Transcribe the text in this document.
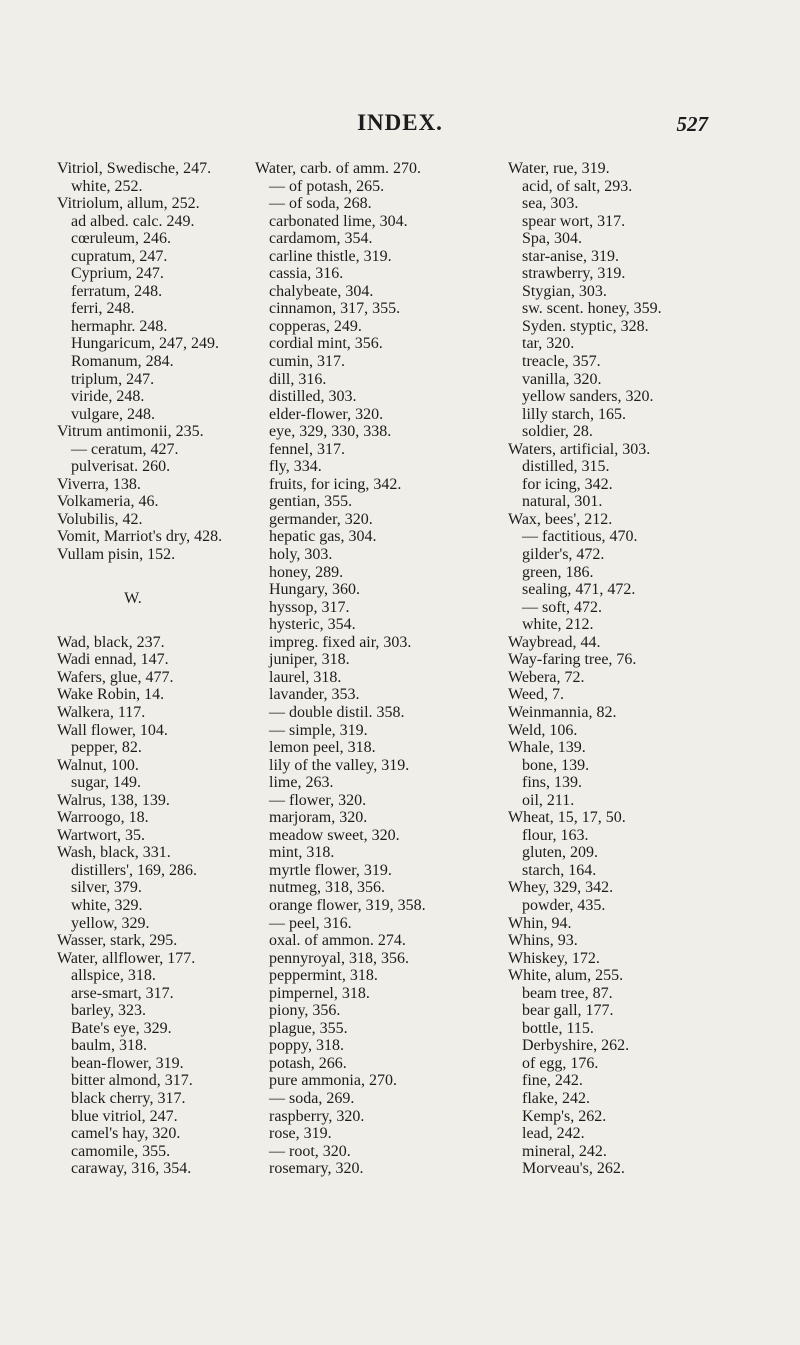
INDEX.	527
Vitriol, Swedische, 247.
white, 252.
Vitriolum, allum, 252.
ad albed. calc. 249.
cœruleum, 246.
cupratum, 247.
Cyprium, 247.
ferratum, 248.
ferri, 248.
hermaphr. 248.
Hungaricum, 247, 249.
Romanum, 284.
triplum, 247.
viride, 248.
vulgare, 248.
Vitrum antimonii, 235.
— ceratum, 427.
pulverisat. 260.
Viverra, 138.
Volkameria, 46.
Volubilis, 42.
Vomit, Marriot's dry, 428.
Vullam pisin, 152.
W.
Wad, black, 237.
Wadi ennad, 147.
Wafers, glue, 477.
Wake Robin, 14.
Walkera, 117.
Wall flower, 104.
pepper, 82.
Walnut, 100.
sugar, 149.
Walrus, 138, 139.
Warroogo, 18.
Wartwort, 35.
Wash, black, 331.
distillers', 169, 286.
silver, 379.
white, 329.
yellow, 329.
Wasser, stark, 295.
Water, allflower, 177.
allspice, 318.
arse-smart, 317.
barley, 323.
Bate's eye, 329.
baulm, 318.
bean-flower, 319.
bitter almond, 317.
black cherry, 317.
blue vitriol, 247.
camel's hay, 320.
camomile, 355.
caraway, 316, 354.
Water, carb. of amm. 270.
— of potash, 265.
— of soda, 268.
carbonated lime, 304.
cardamom, 354.
carline thistle, 319.
cassia, 316.
chalybeate, 304.
cinnamon, 317, 355.
copperas, 249.
cordial mint, 356.
cumin, 317.
dill, 316.
distilled, 303.
elder-flower, 320.
eye, 329, 330, 338.
fennel, 317.
fly, 334.
fruits, for icing, 342.
gentian, 355.
germander, 320.
hepatic gas, 304.
holy, 303.
honey, 289.
Hungary, 360.
hyssop, 317.
hysteric, 354.
impreg. fixed air, 303.
juniper, 318.
laurel, 318.
lavander, 353.
— double distil. 358.
— simple, 319.
lemon peel, 318.
lily of the valley, 319.
lime, 263.
— flower, 320.
marjoram, 320.
meadow sweet, 320.
mint, 318.
myrtle flower, 319.
nutmeg, 318, 356.
orange flower, 319, 358.
— peel, 316.
oxal. of ammon. 274.
pennyroyal, 318, 356.
peppermint, 318.
pimpernel, 318.
piony, 356.
plague, 355.
poppy, 318.
potash, 266.
pure ammonia, 270.
— soda, 269.
raspberry, 320.
rose, 319.
— root, 320.
rosemary, 320.
Water, rue, 319.
acid, of salt, 293.
sea, 303.
spear wort, 317.
Spa, 304.
star-anise, 319.
strawberry, 319.
Stygian, 303.
sw. scent. honey, 359.
Syden. styptic, 328.
tar, 320.
treacle, 357.
vanilla, 320.
yellow sanders, 320.
lilly starch, 165.
soldier, 28.
Waters, artificial, 303.
distilled, 315.
for icing, 342.
natural, 301.
Wax, bees', 212.
— factitious, 470.
gilder's, 472.
green, 186.
sealing, 471, 472.
— soft, 472.
white, 212.
Waybread, 44.
Way-faring tree, 76.
Webera, 72.
Weed, 7.
Weinmannia, 82.
Weld, 106.
Whale, 139.
bone, 139.
fins, 139.
oil, 211.
Wheat, 15, 17, 50.
flour, 163.
gluten, 209.
starch, 164.
Whey, 329, 342.
powder, 435.
Whin, 94.
Whins, 93.
Whiskey, 172.
White, alum, 255.
beam tree, 87.
bear gall, 177.
bottle, 115.
Derbyshire, 262.
of egg, 176.
fine, 242.
flake, 242.
Kemp's, 262.
lead, 242.
mineral, 242.
Morveau's, 262.
